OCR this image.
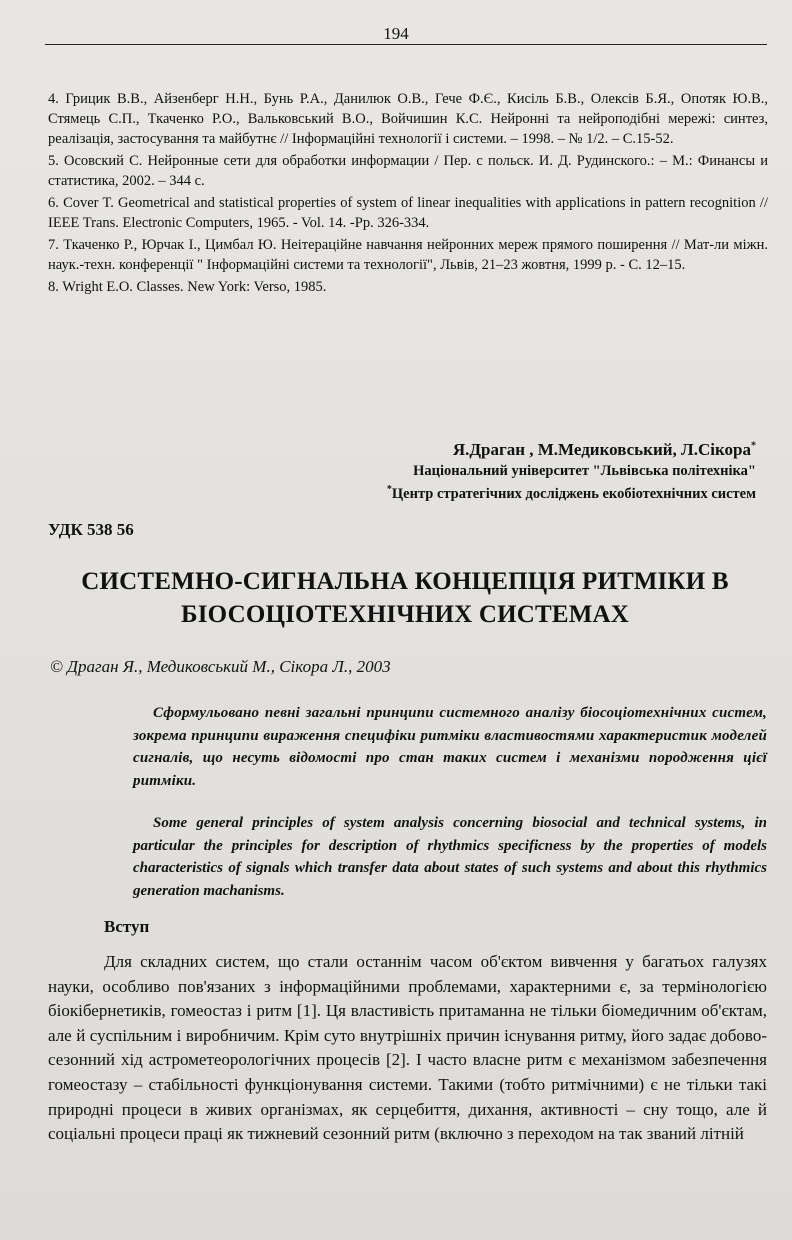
194

4. Грицик В.В., Айзенберг Н.Н., Бунь Р.А., Данилюк О.В., Гече Ф.Є., Кисіль Б.В., Олексів Б.Я., Опотяк Ю.В., Стямець С.П., Ткаченко Р.О., Вальковський В.О., Войчишин К.С. Нейронні та нейроподібні мережі: синтез, реалізація, застосування та майбутнє // Інформаційні технології і системи. – 1998. – № 1/2. – С.15-52.

5. Осовский С. Нейронные сети для обработки информации / Пер. с польск. И. Д. Рудинского.: – М.: Финансы и статистика, 2002. – 344 с.

6. Cover T. Geometrical and statistical properties of system of linear inequalities with applications in pattern recognition // IEEE Trans. Electronic Computers, 1965. - Vol. 14. -Pp. 326-334.

7. Ткаченко Р., Юрчак І., Цимбал Ю. Неітераційне навчання нейронних мереж прямого поширення // Мат-ли міжн. наук.-техн. конференції " Інформаційні системи та технології", Львів, 21–23 жовтня, 1999 р. - С. 12–15.

8. Wright E.O. Classes. New York: Verso, 1985.

Я.Драган , М.Медиковський, Л.Сікора*
Національний університет "Львівська політехніка"
*Центр стратегічних досліджень екобіотехнічних систем
УДК 538 56
СИСТЕМНО-СИГНАЛЬНА КОНЦЕПЦІЯ РИТМІКИ В
БІОСОЦІОТЕХНІЧНИХ СИСТЕМАХ
© Драган Я., Медиковський М., Сікора Л., 2003

Сформульовано певні загальні принципи системного аналізу біосоціотехнічних систем, зокрема принципи вираження специфіки ритміки властивостями характеристик моделей сигналів, що несуть відомості про стан таких систем і механізми породження цієї ритміки.

Some general principles of system analysis concerning biosocial and technical systems, in particular the principles for description of rhythmics specificness by the properties of models characteristics of signals which transfer data about states of such systems and about this rhythmics generation machanisms.

Вступ

Для складних систем, що стали останнім часом об'єктом вивчення у багатьох галузях науки, особливо пов'язаних з інформаційними проблемами, характерними є, за термінологією біокібернетиків, гомеостаз і ритм [1]. Ця властивість притаманна не тільки біомедичним об'єктам, але й суспільним і виробничим. Крім суто внутрішніх причин існування ритму, його задає добово-сезонний хід астрометеорологічних процесів [2]. І часто власне ритм є механізмом забезпечення гомеостазу – стабільності функціонування системи. Такими (тобто ритмічними) є не тільки такі природні процеси в живих організмах, як серцебиття, дихання, активності – сну тощо, але й соціальні процеси праці як тижневий сезонний ритм (включно з переходом на так званий літній
